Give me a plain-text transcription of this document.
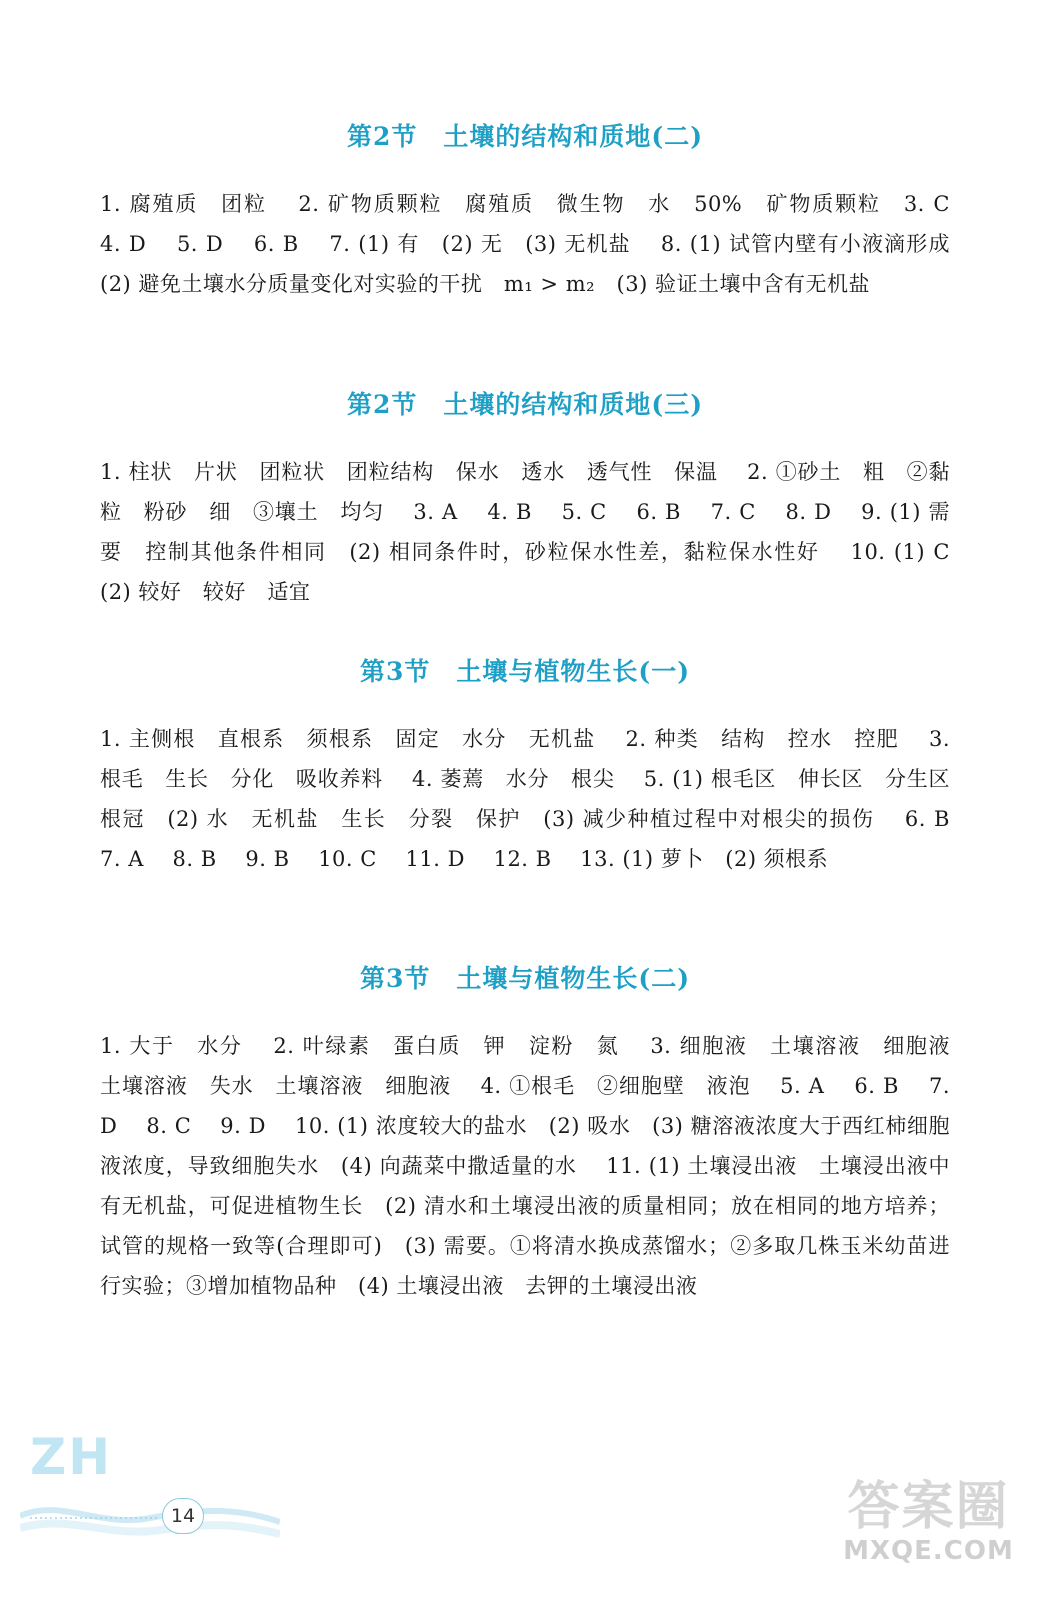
第2节 土壤的结构和质地(二)

1. 腐殖质　团粒　 2. 矿物质颗粒　腐殖质　微生物　水　50%　矿物质颗粒　3. C　 4. D　 5. D　 6. B　 7. (1) 有　(2) 无　(3) 无机盐　 8. (1) 试管内壁有小液滴形成　(2) 避免土壤水分质量变化对实验的干扰　m₁ > m₂　(3) 验证土壤中含有无机盐

第2节 土壤的结构和质地(三)

1. 柱状　片状　团粒状　团粒结构　保水　透水　透气性　保温　 2. ①砂土　粗　②黏粒　粉砂　细　③壤土　均匀　 3. A　 4. B　 5. C　 6. B　 7. C　 8. D　 9. (1) 需要　控制其他条件相同　(2) 相同条件时，砂粒保水性差，黏粒保水性好　 10. (1) C　(2) 较好　较好　适宜

第3节 土壤与植物生长(一)

1. 主侧根　直根系　须根系　固定　水分　无机盐　 2. 种类　结构　控水　控肥　 3. 根毛　生长　分化　吸收养料　 4. 萎蔫　水分　根尖　 5. (1) 根毛区　伸长区　分生区　根冠　(2) 水　无机盐　生长　分裂　保护　(3) 减少种植过程中对根尖的损伤　 6. B　 7. A　 8. B　 9. B　 10. C　 11. D　 12. B　 13. (1) 萝卜　(2) 须根系

第3节 土壤与植物生长(二)

1. 大于　水分　 2. 叶绿素　蛋白质　钾　淀粉　氮　 3. 细胞液　土壤溶液　细胞液　土壤溶液　失水　土壤溶液　细胞液　 4. ①根毛　②细胞壁　液泡　 5. A　 6. B　 7. D　 8. C　 9. D　 10. (1) 浓度较大的盐水　(2) 吸水　(3) 糖溶液浓度大于西红柿细胞液浓度，导致细胞失水　(4) 向蔬菜中撒适量的水　 11. (1) 土壤浸出液　土壤浸出液中有无机盐，可促进植物生长　(2) 清水和土壤浸出液的质量相同；放在相同的地方培养；试管的规格一致等(合理即可)　(3) 需要。①将清水换成蒸馏水；②多取几株玉米幼苗进行实验；③增加植物品种　(4) 土壤浸出液　去钾的土壤浸出液

ZH
14	答案圈
MXQE.COM
